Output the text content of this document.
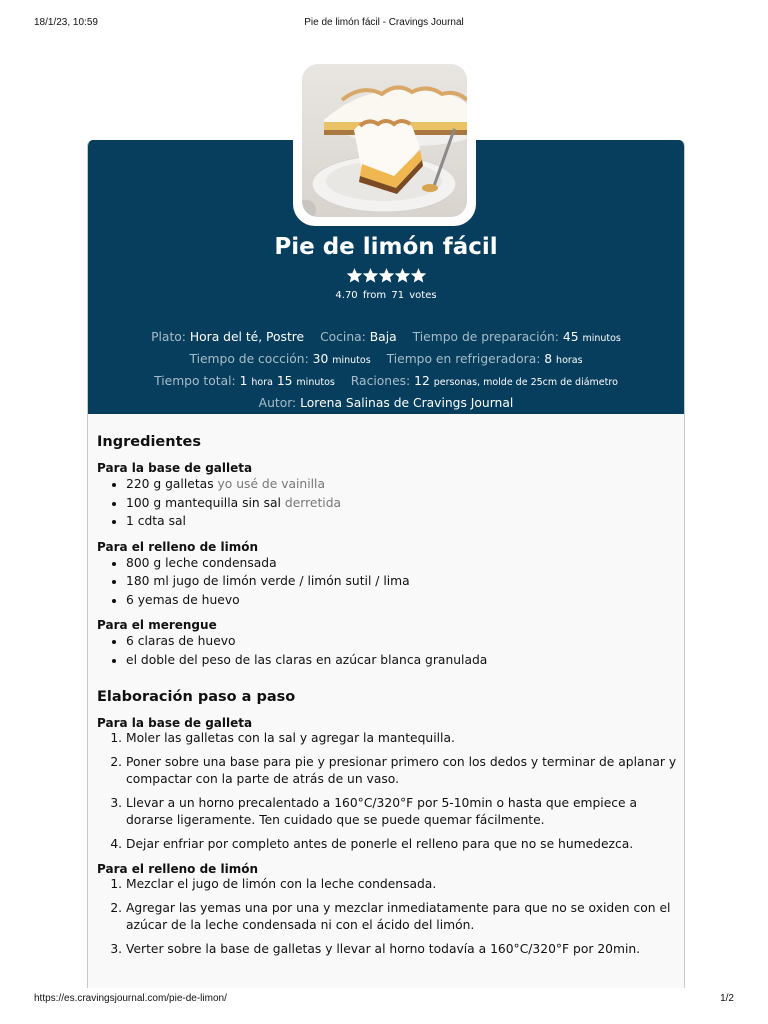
18/1/23, 10:59	Pie de limón fácil - Cravings Journal
Pie de limón fácil
4.70 from 71 votes
Plato: Hora del té, Postre Cocina: Baja Tiempo de preparación: 45 minutos
Tiempo de cocción: 30 minutos Tiempo en refrigeradora: 8 horas
Tiempo total: 1 hora 15 minutos Raciones: 12 personas, molde de 25cm de diámetro
Autor: Lorena Salinas de Cravings Journal
Ingredientes
Para la base de galleta
• 220 g galletas yo usé de vainilla
• 100 g mantequilla sin sal derretida
• 1 cdta sal
Para el relleno de limón
• 800 g leche condensada
• 180 ml jugo de limón verde / limón sutil / lima
• 6 yemas de huevo
Para el merengue
• 6 claras de huevo
• el doble del peso de las claras en azúcar blanca granulada
Elaboración paso a paso
Para la base de galleta
1. Moler las galletas con la sal y agregar la mantequilla.
2. Poner sobre una base para pie y presionar primero con los dedos y terminar de aplanar y compactar con la parte de atrás de un vaso.
3. Llevar a un horno precalentado a 160°C/320°F por 5-10min o hasta que empiece a dorarse ligeramente. Ten cuidado que se puede quemar fácilmente.
4. Dejar enfriar por completo antes de ponerle el relleno para que no se humedezca.
Para el relleno de limón
1. Mezclar el jugo de limón con la leche condensada.
2. Agregar las yemas una por una y mezclar inmediatamente para que no se oxiden con el azúcar de la leche condensada ni con el ácido del limón.
3. Verter sobre la base de galletas y llevar al horno todavía a 160°C/320°F por 20min.
https://es.cravingsjournal.com/pie-de-limon/	1/2
